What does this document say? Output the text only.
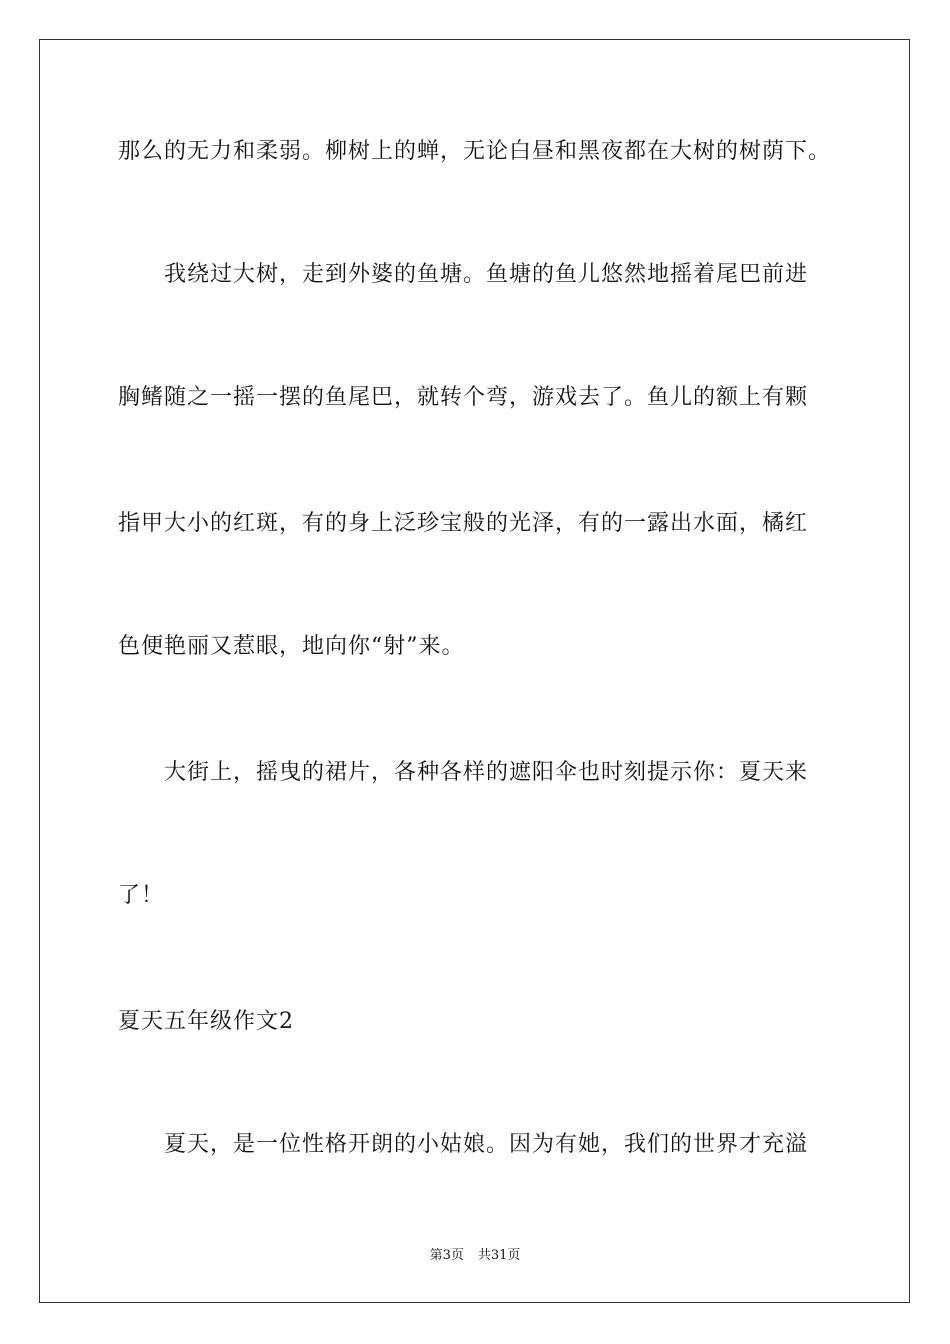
那么的无力和柔弱。柳树上的蝉，无论白昼和黑夜都在大树的树荫下。
我绕过大树，走到外婆的鱼塘。鱼塘的鱼儿悠然地摇着尾巴前进
胸鳍随之一摇一摆的鱼尾巴，就转个弯，游戏去了。鱼儿的额上有颗
指甲大小的红斑，有的身上泛珍宝般的光泽，有的一露出水面，橘红
色便艳丽又惹眼，地向你“射”来。
大街上，摇曳的裙片，各种各样的遮阳伞也时刻提示你：夏天来
了！
夏天五年级作文2
夏天，是一位性格开朗的小姑娘。因为有她，我们的世界才充溢
第3页 共31页
